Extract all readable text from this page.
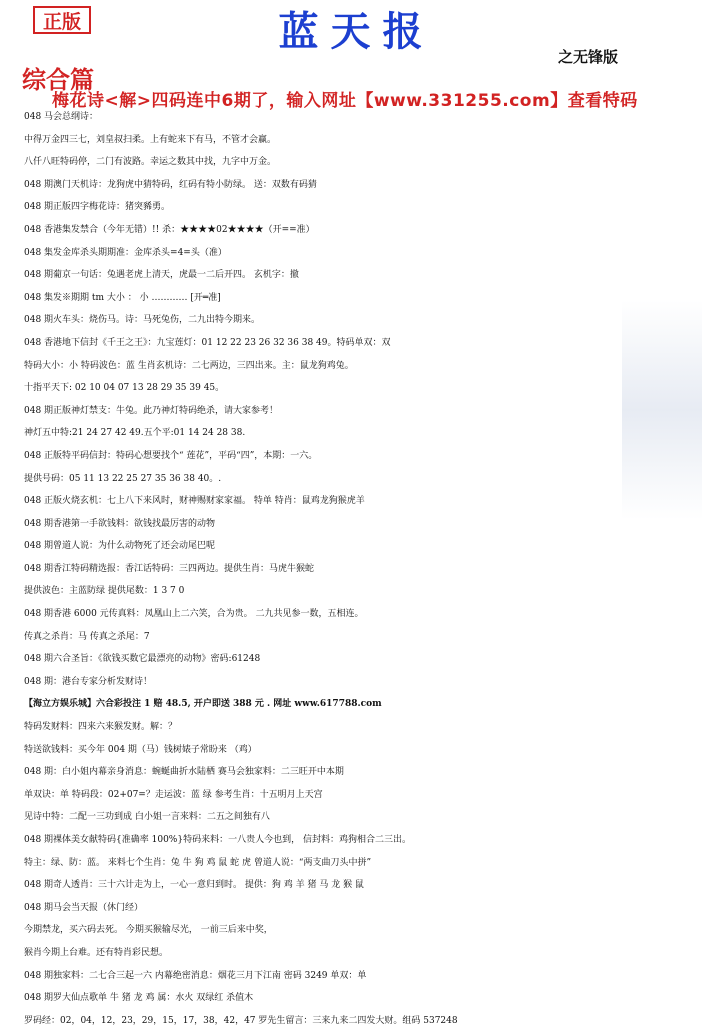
正版	蓝天报
之无锋版
综合篇
梅花诗<解>四码连中6期了，输入网址【www.331255.com】查看特码
048 马会总纲诗：
中得万金四三七，刘皇叔扫柔。上有蛇来下有马，不管才会赢。
八仟八旺特码停，二门有波路。幸运之数其中找，九字中万金。
048 期澳门天机诗：龙狗虎中猜特码，红码有特小防绿。 送：双数有码猜
048 期正版四字梅花诗：猪突豨勇。
048 香港集发禁合（今年无错）!! 杀：★★★★02★★★★（开==准）
048 集发金库杀头期期准：金库杀头=4=头（准）
048 期葡京一句话：兔遇老虎上清天，虎最一二后开四。 玄机字：撤
048 集发※期期 tm 大小 ： 小 ………… [开═准]
048 期火车头：烧伤马。诗：马死兔伤，二九出特今期来。
048 香港地下信封《千王之王》：九宝莲灯：01 12 22 23 26 32 36 38 49。特码单双：双
特码大小：小 特码波色：蓝 生肖玄机诗：二七两边，三四出来。主：鼠龙狗鸡兔。
十指平天下: 02 10 04 07 13 28 29 35 39 45。
048 期正版神灯禁支：牛兔。此乃神灯特码绝杀，请大家参考！
神灯五中特:21 24 27 42 49.五个平:01 14 24 28 38.
048 正版特平码信封：特码心想要找个“ 莲花”，平码“四”，本期：一六。
提供号码：05 11 13 22 25 27 35 36 38 40。.
048 正版火烧玄机：七上八下来风时，财神赐财家家福。 特单 特肖：鼠鸡龙狗猴虎羊
048 期香港第一手欲钱料：欲钱找最厉害的动物
048 期曾道人说：为什么动物死了还会动尾巴呢
048 期香江特码精选报：香江话特码：三四两边。提供生肖：马虎牛猴蛇
提供波色：主蓝防绿 提供尾数：1 3 7 0
048 期香港 6000 元传真料：凤凰山上二六笑，合为贵。 二九共见参一数，五相连。
传真之杀肖：马 传真之杀尾：7
048 期六合圣旨：《欲钱买数它最漂亮的动物》密码:61248
048 期：港台专家分析发财诗！
【海立方娱乐城】六合彩投注 1 赔 48.5, 开户即送 388 元 . 网址 www.617788.com
特码发财料：四来六来猴发财。解：？
特送欲钱料：买今年 004 期（马）钱树婊子常盼来 （鸡）
048 期：白小姐内幕亲身消息：蜿蜒曲折水陆栖 赛马会独家料：二三旺开中本期
单双诀：单 特码段：02+07=？走运波：蓝 绿 参考生肖：十五明月上天宫
见诗中特：二配一三功到成 白小姐一言来料：二五之间独有八
048 期裸体美女献特码{准确率 100%}特码来料：一八贵人今也到， 信封料：鸡狗相合二三出。
特主：绿、防：蓝。 来料七个生肖：兔 牛 狗 鸡 鼠 蛇 虎 曾道人说：“两支曲刀头中拼”
048 期奇人透肖：三十六计走为上，一心一意归到时。 提供：狗 鸡 羊 猪 马 龙 猴 鼠
048 期马会当天报（休门经）
今期禁龙，买六码去死。 今期买猴输尽光， 一前三后来中奖，
猴肖今期上台难。还有特肖彩民想。
048 期独家料：二七合三起一六 内幕绝密消息：烟花三月下江南 密码 3249 单双：单
048 期罗大仙点歌单 牛 猪 龙 鸡 属：水火 双绿红 杀值木
罗码经：02，04，12，23，29，15，17，38，42，47 罗先生留言：三来九来二四发大财。组码 537248
